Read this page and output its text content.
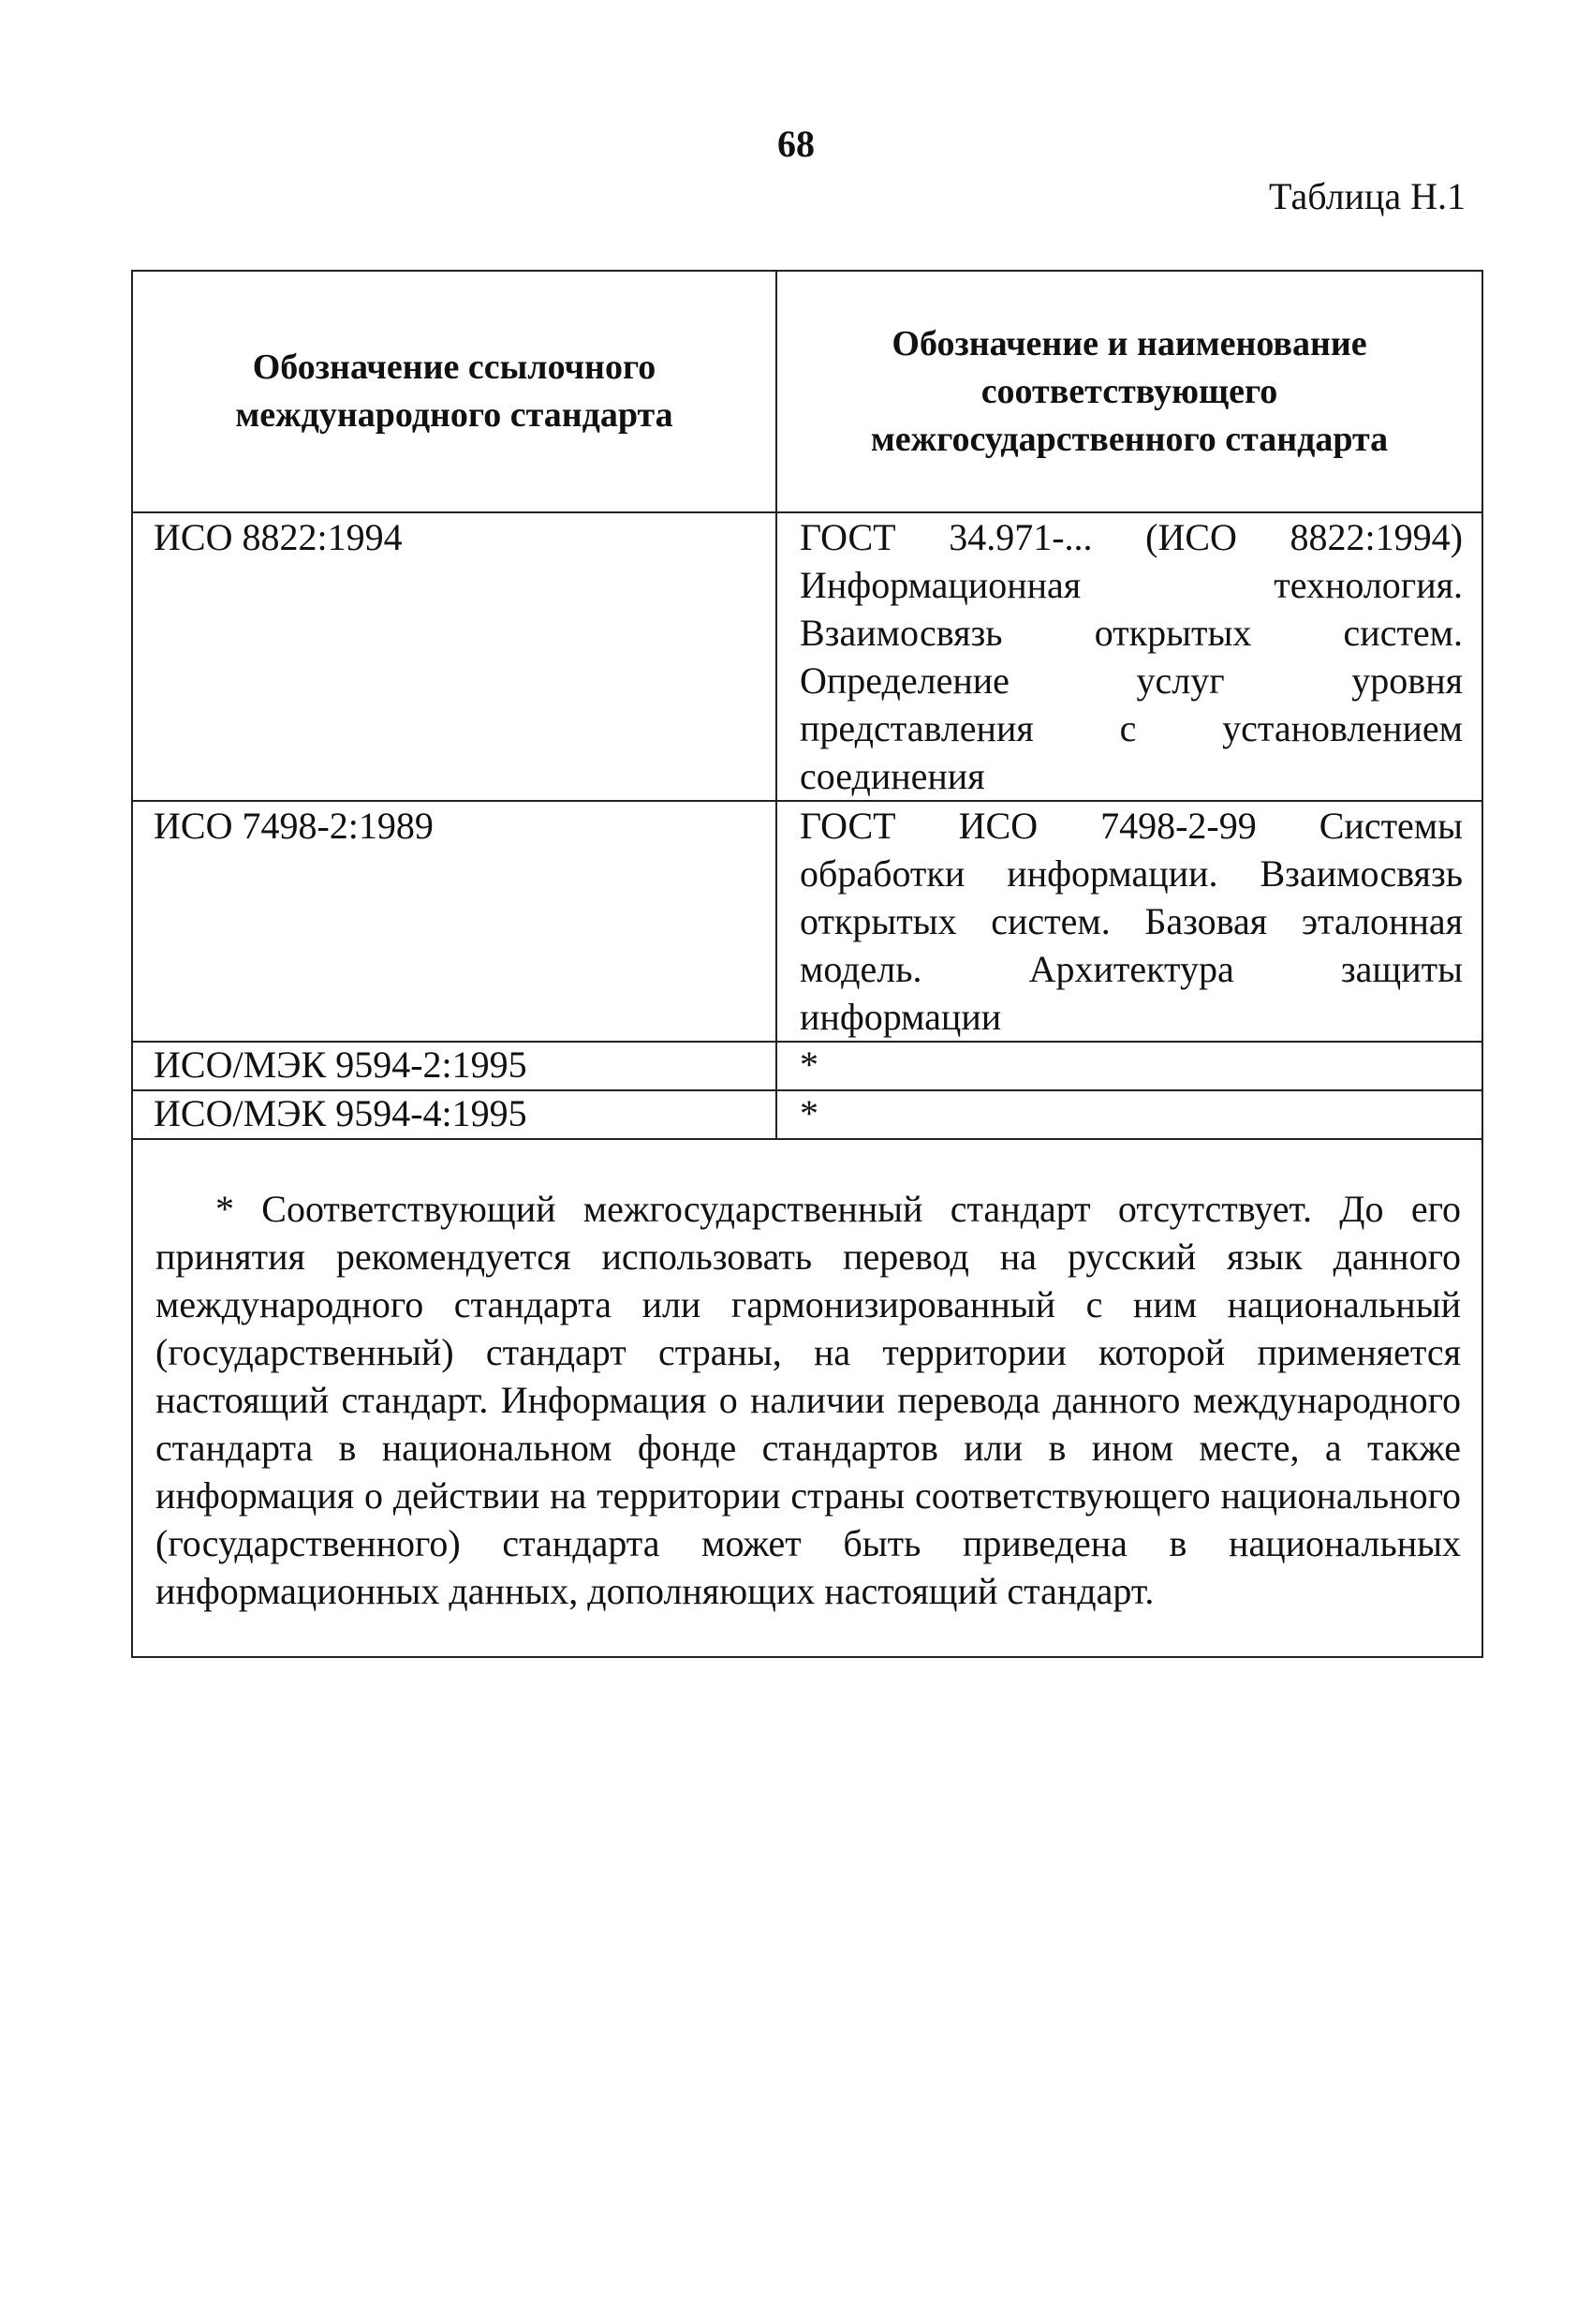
68
Таблица Н.1
Обозначение ссылочного международного стандарта	Обозначение и наименование соответствующего межгосударственного стандарта
ИСО 8822:1994	ГОСТ 34.971-... (ИСО 8822:1994) Информационная технология. Взаимосвязь открытых систем. Определение услуг уровня представления с установлением соединения
ИСО 7498-2:1989	ГОСТ ИСО 7498-2-99 Системы обработки информации. Взаимосвязь открытых систем. Базовая эталонная модель. Архитектура защиты информации
ИСО/МЭК 9594-2:1995	*
ИСО/МЭК 9594-4:1995	*

* Соответствующий межгосударственный стандарт отсутствует. До его принятия рекомендуется использовать перевод на русский язык данного международного стандарта или гармонизированный с ним национальный (государственный) стандарт страны, на территории которой применяется настоящий стандарт. Информация о наличии перевода данного международного стандарта в национальном фонде стандартов или в ином месте, а также информация о действии на территории страны соответствующего национального (государственного) стандарта может быть приведена в национальных информационных данных, дополняющих настоящий стандарт.	
